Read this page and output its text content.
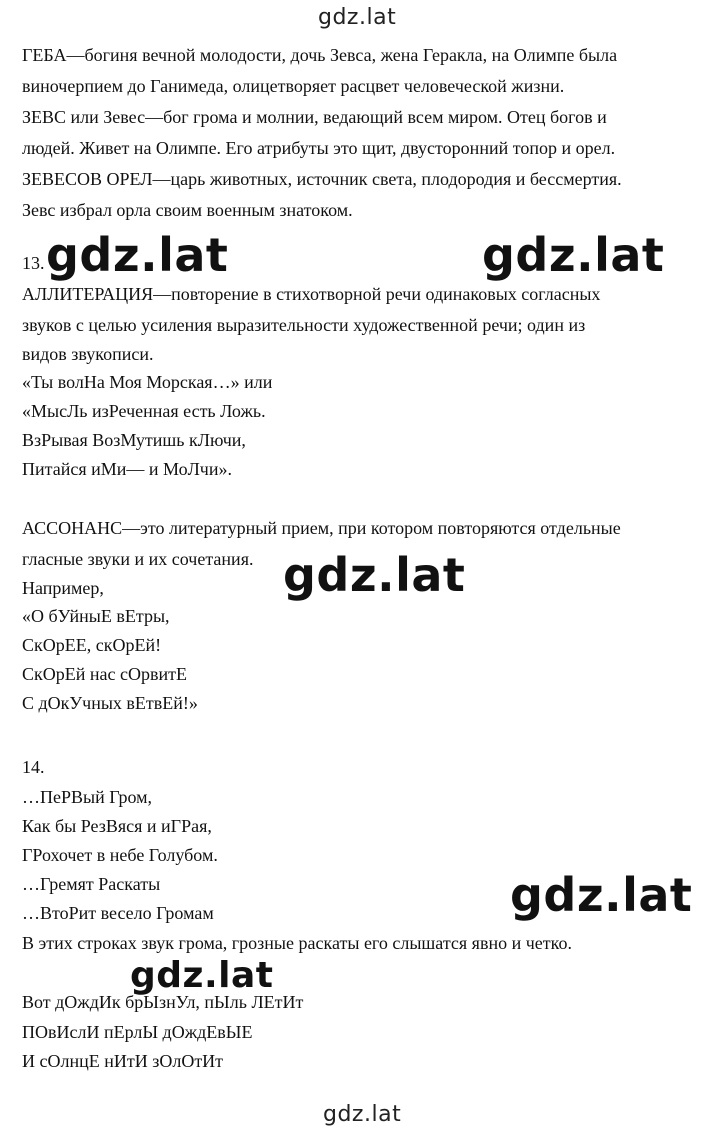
gdz.lat
gdz.lat	gdz.lat
gdz.lat
gdz.lat
gdz.lat
gdz.lat
ГЕБА—богиня вечной молодости, дочь Зевса, жена Геракла, на Олимпе была
виночерпием до Ганимеда, олицетворяет расцвет человеческой жизни.
ЗЕВС или Зевес—бог грома и молнии, ведающий всем миром. Отец богов и
людей. Живет на Олимпе. Его атрибуты это щит, двусторонний топор и орел.
ЗЕВЕСОВ ОРЕЛ—царь животных, источник света, плодородия и бессмертия.
Зевс избрал орла своим военным знатоком.
13.
АЛЛИТЕРАЦИЯ—повторение в стихотворной речи одинаковых согласных
звуков с целью усиления выразительности художественной речи; один из
видов звукописи.
«Ты волНа Моя Морская…» или
«МысЛь изРеченная есть Ложь.
ВзРывая ВозМутишь кЛючи,
Питайся иМи— и МоЛчи».
АССОНАНС—это литературный прием, при котором повторяются отдельные
гласные звуки и их сочетания.
Например,
«О бУйныЕ вЕтры,
СкОрЕЕ, скОрЕй!
СкОрЕй нас сОрвитЕ
С дОкУчных вЕтвЕй!»
14.
…ПеРВый Гром,
Как бы РезВяся и иГРая,
ГРохочет в небе Голубом.
…Гремят Раскаты
…ВтоРит весело Громам
В этих строках звук грома, грозные раскаты его слышатся явно и четко.
Вот дОждИк брЫзнУл, пЫль ЛЕтИт
ПОвИслИ пЕрлЫ дОждЕвЫЕ
И сОлнцЕ нИтИ зОлОтИт
